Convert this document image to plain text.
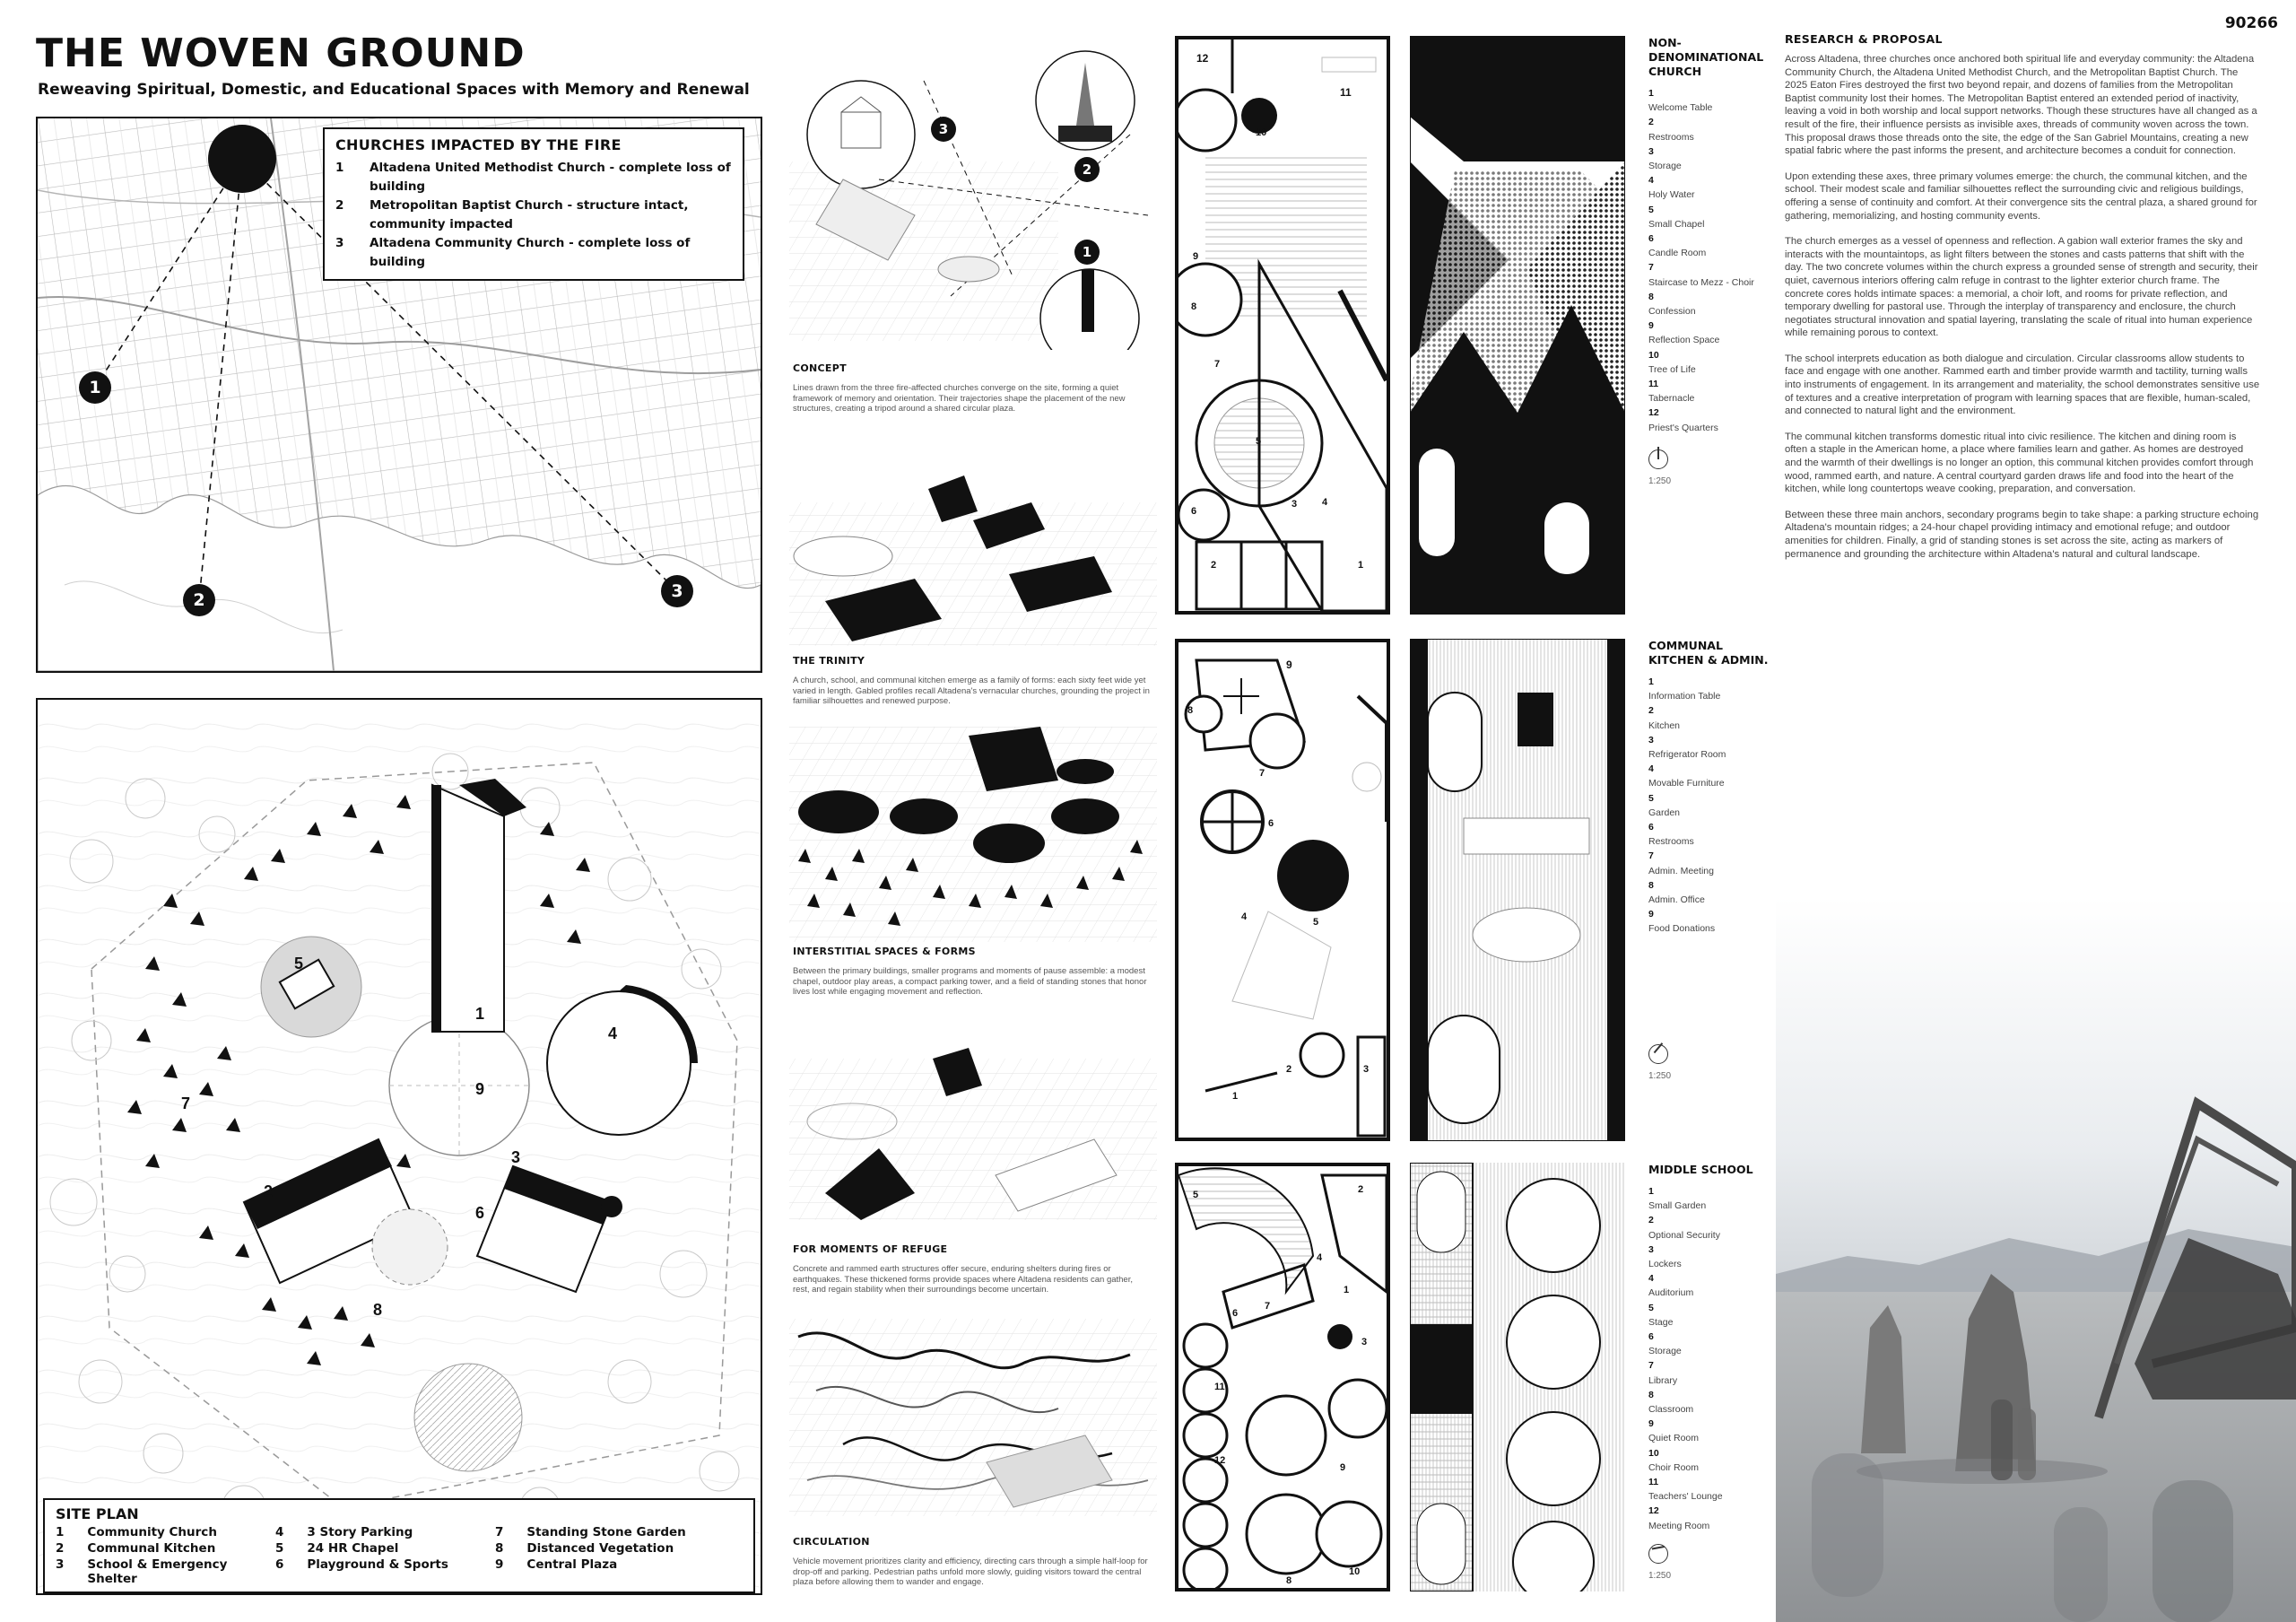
THE WOVEN GROUND
Reweaving Spiritual, Domestic, and Educational Spaces with Memory and Renewal
90266
1
2	3
CHURCHES IMPACTED BY THE FIRE
1 Altadena United Methodist Church - complete loss of building
2 Metropolitan Baptist Church - structure intact, community impacted
3 Altadena Community Church - complete loss of building
1
2
3
4
5
6
7
8
9
SITE PLAN
1 Community Church	4 3 Story Parking	7 Standing Stone Garden
2 Communal Kitchen	5 24 HR Chapel	8 Distanced Vegetation
3 School & Emergency Shelter
6 Playground & Sports	9 Central Plaza
3
2
1
CONCEPT
Lines drawn from the three fire-affected churches converge on the site, forming a quiet framework of memory and orientation. Their trajectories shape the placement of the new structures, creating a tripod around a shared circular plaza.
THE TRINITY
A church, school, and communal kitchen emerge as a family of forms: each sixty feet wide yet varied in length. Gabled profiles recall Altadena's vernacular churches, grounding the project in familiar silhouettes and renewed purpose.
INTERSTITIAL SPACES & FORMS
Between the primary buildings, smaller programs and moments of pause assemble: a modest chapel, outdoor play areas, a compact parking tower, and a field of standing stones that honor lives lost while engaging movement and reflection.
FOR MOMENTS OF REFUGE
Concrete and rammed earth structures offer secure, enduring shelters during fires or earthquakes. These thickened forms provide spaces where Altadena residents can gather, rest, and regain stability when their surroundings become uncertain.
CIRCULATION
Vehicle movement prioritizes clarity and efficiency, directing cars through a simple half-loop for drop-off and parking. Pedestrian paths unfold more slowly, guiding visitors toward the central plaza before allowing them to wander and engage.
12
11
10
9
8
7
5
6
4
3
2	1
NON-
DENOMINATIONAL
CHURCH
1
Welcome Table
2
Restrooms
3
Storage
4
Holy Water
5
Small Chapel
6
Candle Room
7
Staircase to Mezz - Choir
8
Confession
9
Reflection Space
10
Tree of Life
11
Tabernacle
12
Priest's Quarters
1:250
9
8
7
6
5
4
3
2
1
COMMUNAL
KITCHEN & ADMIN.
1
Information Table
2
Kitchen
3
Refrigerator Room
4
Movable Furniture
5
Garden
6
Restrooms
7
Admin. Meeting
8
Admin. Office
9
Food Donations
1:250
5
4
2
3
1
7
6
11
12
9
10
8
MIDDLE SCHOOL
1
Small Garden
2
Optional Security
3
Lockers
4
Auditorium
5
Stage
6
Storage
7
Library
8
Classroom
9
Quiet Room
10
Choir Room
11
Teachers' Lounge
12
Meeting Room
1:250
RESEARCH & PROPOSAL

Across Altadena, three churches once anchored both spiritual life and everyday community: the Altadena Community Church, the Altadena United Methodist Church, and the Metropolitan Baptist Church. The 2025 Eaton Fires destroyed the first two beyond repair, and dozens of families from the Metropolitan Baptist community lost their homes. The Metropolitan Baptist entered an extended period of inactivity, leaving a void in both worship and local support networks. Though these structures have all changed as a result of the fire, their influence persists as invisible axes, threads of community woven across the town. This proposal draws those threads onto the site, the edge of the San Gabriel Mountains, creating a new spatial fabric where the past informs the present, and architecture becomes a conduit for connection.

Upon extending these axes, three primary volumes emerge: the church, the communal kitchen, and the school. Their modest scale and familiar silhouettes reflect the surrounding civic and religious buildings, offering a sense of continuity and comfort. At their convergence sits the central plaza, a shared ground for gathering, memorializing, and hosting community events.

The church emerges as a vessel of openness and reflection. A gabion wall exterior frames the sky and interacts with the mountaintops, as light filters between the stones and casts patterns that shift with the day. The two concrete volumes within the church express a grounded sense of strength and security, their quiet, cavernous interiors offering calm refuge in contrast to the lighter exterior church frame. The concrete cores holds intimate spaces: a memorial, a choir loft, and rooms for private reflection, and temporary dwelling for pastoral use. Through the interplay of transparency and enclosure, the church negotiates structural innovation and spatial layering, translating the scale of ritual into human experience while remaining porous to context.

The school interprets education as both dialogue and circulation. Circular classrooms allow students to face and engage with one another. Rammed earth and timber provide warmth and tactility, turning walls into instruments of engagement. In its arrangement and materiality, the school demonstrates sensitive use of textures and a creative interpretation of program with learning spaces that are flexible, human-scaled, and connected to natural light and the environment.

The communal kitchen transforms domestic ritual into civic resilience. The kitchen and dining room is often a staple in the American home, a place where families learn and gather. As homes are destroyed and the warmth of their dwellings is no longer an option, this communal kitchen provides comfort through wood, rammed earth, and nature. A central courtyard garden draws life and food into the heart of the kitchen, while long countertops weave cooking, preparation, and conversation.

Between these three main anchors, secondary programs begin to take shape: a parking structure echoing Altadena's mountain ridges; a 24-hour chapel providing intimacy and emotional refuge; and outdoor amenities for children. Finally, a grid of standing stones is set across the site, acting as markers of permanence and grounding the architecture within Altadena's natural and cultural landscape.
